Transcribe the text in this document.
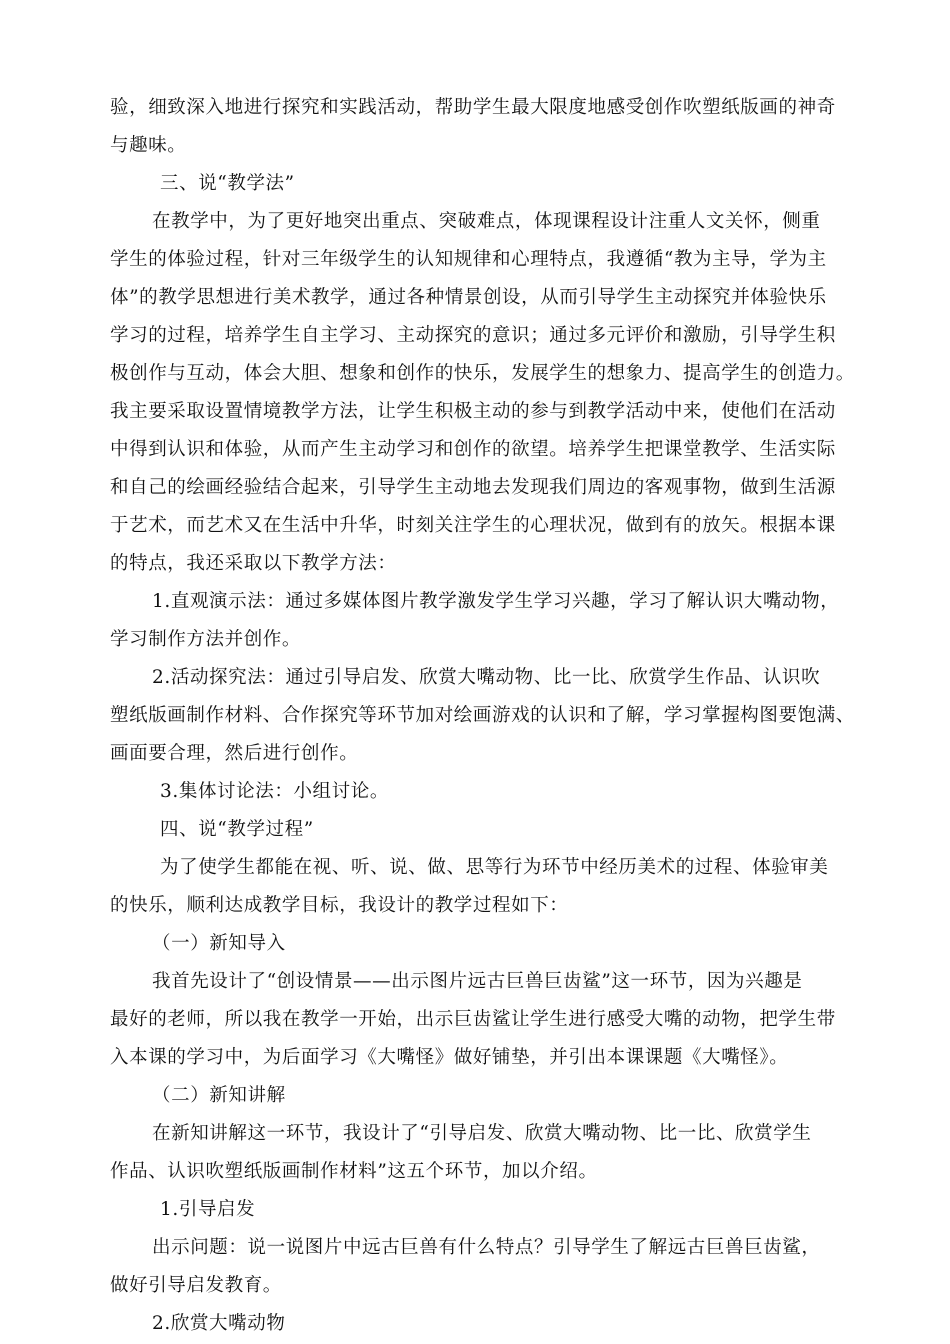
验，细致深入地进行探究和实践活动，帮助学生最大限度地感受创作吹塑纸版画的神奇
与趣味。
三、说“教学法”
在教学中，为了更好地突出重点、突破难点，体现课程设计注重人文关怀，侧重
学生的体验过程，针对三年级学生的认知规律和心理特点，我遵循“教为主导，学为主
体”的教学思想进行美术教学，通过各种情景创设，从而引导学生主动探究并体验快乐
学习的过程，培养学生自主学习、主动探究的意识；通过多元评价和激励，引导学生积
极创作与互动，体会大胆、想象和创作的快乐，发展学生的想象力、提高学生的创造力。
我主要采取设置情境教学方法，让学生积极主动的参与到教学活动中来，使他们在活动
中得到认识和体验，从而产生主动学习和创作的欲望。培养学生把课堂教学、生活实际
和自己的绘画经验结合起来，引导学生主动地去发现我们周边的客观事物，做到生活源
于艺术，而艺术又在生活中升华，时刻关注学生的心理状况，做到有的放矢。根据本课
的特点，我还采取以下教学方法：
1.直观演示法：通过多媒体图片教学激发学生学习兴趣，学习了解认识大嘴动物，
学习制作方法并创作。
2.活动探究法：通过引导启发、欣赏大嘴动物、比一比、欣赏学生作品、认识吹
塑纸版画制作材料、合作探究等环节加对绘画游戏的认识和了解，学习掌握构图要饱满、
画面要合理，然后进行创作。
3.集体讨论法：小组讨论。
四、说“教学过程”
为了使学生都能在视、听、说、做、思等行为环节中经历美术的过程、体验审美
的快乐，顺利达成教学目标，我设计的教学过程如下：
（一）新知导入
我首先设计了“创设情景——出示图片远古巨兽巨齿鲨”这一环节，因为兴趣是
最好的老师，所以我在教学一开始，出示巨齿鲨让学生进行感受大嘴的动物，把学生带
入本课的学习中，为后面学习《大嘴怪》做好铺垫，并引出本课课题《大嘴怪》。
（二）新知讲解
在新知讲解这一环节，我设计了“引导启发、欣赏大嘴动物、比一比、欣赏学生
作品、认识吹塑纸版画制作材料”这五个环节，加以介绍。
1.引导启发
出示问题：说一说图片中远古巨兽有什么特点？引导学生了解远古巨兽巨齿鲨，
做好引导启发教育。
2.欣赏大嘴动物
